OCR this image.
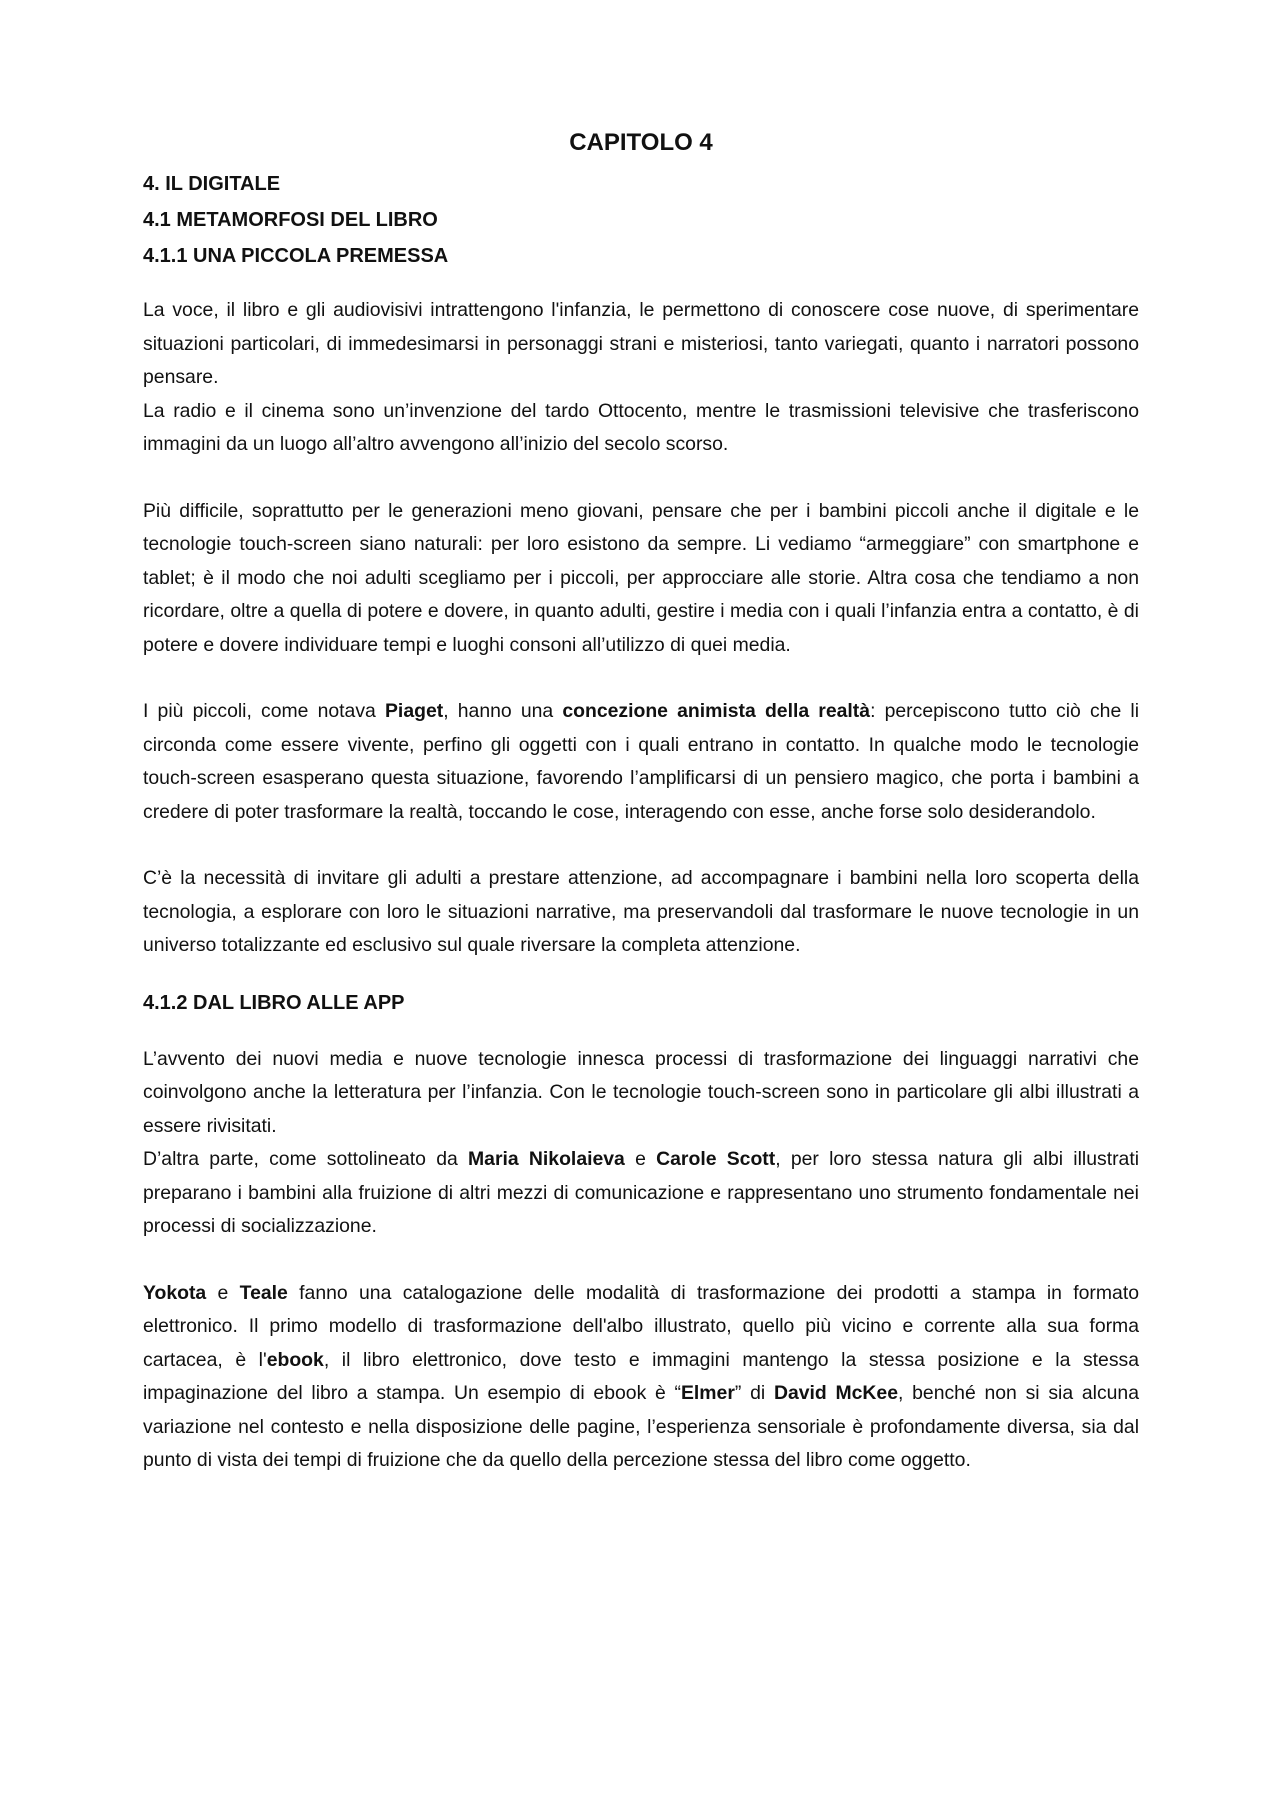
CAPITOLO 4
4. IL DIGITALE
4.1 METAMORFOSI DEL LIBRO
4.1.1 UNA PICCOLA PREMESSA

La voce, il libro e gli audiovisivi intrattengono l'infanzia, le permettono di conoscere cose nuove, di sperimentare situazioni particolari, di immedesimarsi in personaggi strani e misteriosi, tanto variegati, quanto i narratori possono pensare.

La radio e il cinema sono un’invenzione del tardo Ottocento, mentre le trasmissioni televisive che trasferiscono immagini da un luogo all’altro avvengono all’inizio del secolo scorso.

Più difficile, soprattutto per le generazioni meno giovani, pensare che per i bambini piccoli anche il digitale e le tecnologie touch-screen siano naturali: per loro esistono da sempre. Li vediamo “armeggiare” con smartphone e tablet; è il modo che noi adulti scegliamo per i piccoli, per approcciare alle storie. Altra cosa che tendiamo a non ricordare, oltre a quella di potere e dovere, in quanto adulti, gestire i media con i quali l’infanzia entra a contatto, è di potere e dovere individuare tempi e luoghi consoni all’utilizzo di quei media.

I più piccoli, come notava Piaget, hanno una concezione animista della realtà: percepiscono tutto ciò che li circonda come essere vivente, perfino gli oggetti con i quali entrano in contatto. In qualche modo le tecnologie touch-screen esasperano questa situazione, favorendo l’amplificarsi di un pensiero magico, che porta i bambini a credere di poter trasformare la realtà, toccando le cose, interagendo con esse, anche forse solo desiderandolo.

C’è la necessità di invitare gli adulti a prestare attenzione, ad accompagnare i bambini nella loro scoperta della tecnologia, a esplorare con loro le situazioni narrative, ma preservandoli dal trasformare le nuove tecnologie in un universo totalizzante ed esclusivo sul quale riversare la completa attenzione.

4.1.2 DAL LIBRO ALLE APP

L’avvento dei nuovi media e nuove tecnologie innesca processi di trasformazione dei linguaggi narrativi che coinvolgono anche la letteratura per l’infanzia. Con le tecnologie touch-screen sono in particolare gli albi illustrati a essere rivisitati.

D’altra parte, come sottolineato da Maria Nikolaieva e Carole Scott, per loro stessa natura gli albi illustrati preparano i bambini alla fruizione di altri mezzi di comunicazione e rappresentano uno strumento fondamentale nei processi di socializzazione.

Yokota e Teale fanno una catalogazione delle modalità di trasformazione dei prodotti a stampa in formato elettronico. Il primo modello di trasformazione dell'albo illustrato, quello più vicino e corrente alla sua forma cartacea, è l'ebook, il libro elettronico, dove testo e immagini mantengo la stessa posizione e la stessa impaginazione del libro a stampa. Un esempio di ebook è “Elmer” di David McKee, benché non si sia alcuna variazione nel contesto e nella disposizione delle pagine, l’esperienza sensoriale è profondamente diversa, sia dal punto di vista dei tempi di fruizione che da quello della percezione stessa del libro come oggetto.
